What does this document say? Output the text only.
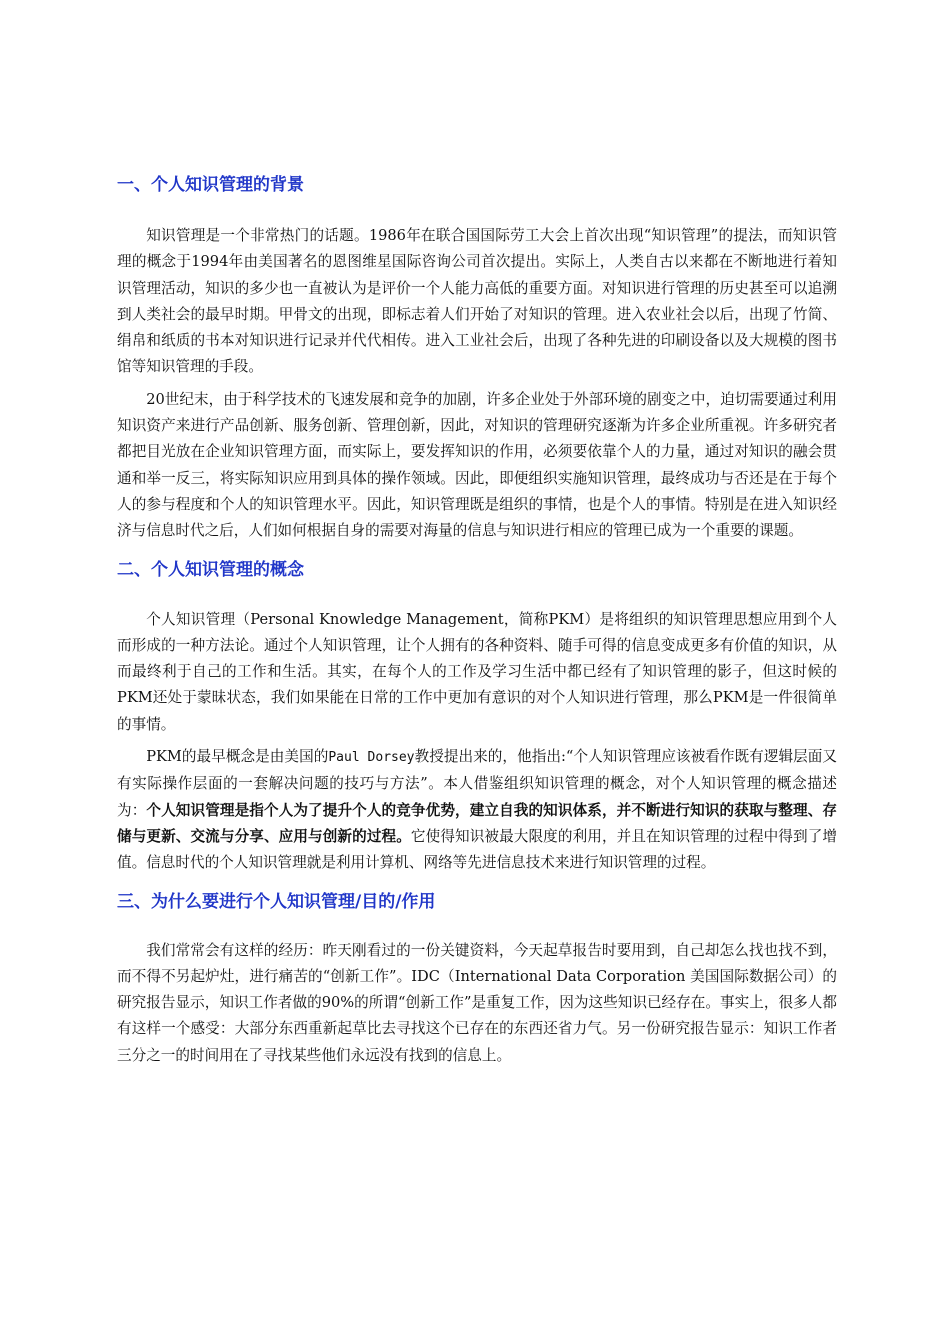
一、个人知识管理的背景

知识管理是一个非常热门的话题。1986年在联合国国际劳工大会上首次出现“知识管理”的提法，而知识管理的概念于1994年由美国著名的恩图维星国际咨询公司首次提出。实际上，人类自古以来都在不断地进行着知识管理活动，知识的多少也一直被认为是评价一个人能力高低的重要方面。对知识进行管理的历史甚至可以追溯到人类社会的最早时期。甲骨文的出现，即标志着人们开始了对知识的管理。进入农业社会以后，出现了竹简、绢帛和纸质的书本对知识进行记录并代代相传。进入工业社会后，出现了各种先进的印刷设备以及大规模的图书馆等知识管理的手段。

20世纪末，由于科学技术的飞速发展和竞争的加剧，许多企业处于外部环境的剧变之中，迫切需要通过利用知识资产来进行产品创新、服务创新、管理创新，因此，对知识的管理研究逐渐为许多企业所重视。许多研究者都把目光放在企业知识管理方面，而实际上，要发挥知识的作用，必须要依靠个人的力量，通过对知识的融会贯通和举一反三，将实际知识应用到具体的操作领域。因此，即便组织实施知识管理，最终成功与否还是在于每个人的参与程度和个人的知识管理水平。因此，知识管理既是组织的事情，也是个人的事情。特别是在进入知识经济与信息时代之后，人们如何根据自身的需要对海量的信息与知识进行相应的管理已成为一个重要的课题。

二、个人知识管理的概念

个人知识管理（Personal Knowledge Management，简称PKM）是将组织的知识管理思想应用到个人而形成的一种方法论。通过个人知识管理，让个人拥有的各种资料、随手可得的信息变成更多有价值的知识，从而最终利于自己的工作和生活。其实，在每个人的工作及学习生活中都已经有了知识管理的影子，但这时候的PKM还处于蒙昧状态，我们如果能在日常的工作中更加有意识的对个人知识进行管理，那么PKM是一件很简单的事情。

PKM的最早概念是由美国的Paul Dorsey教授提出来的，他指出:“个人知识管理应该被看作既有逻辑层面又有实际操作层面的一套解决问题的技巧与方法”。本人借鉴组织知识管理的概念，对个人知识管理的概念描述为：个人知识管理是指个人为了提升个人的竞争优势，建立自我的知识体系，并不断进行知识的获取与整理、存储与更新、交流与分享、应用与创新的过程。它使得知识被最大限度的利用，并且在知识管理的过程中得到了增值。信息时代的个人知识管理就是利用计算机、网络等先进信息技术来进行知识管理的过程。

三、为什么要进行个人知识管理/目的/作用

我们常常会有这样的经历：昨天刚看过的一份关键资料，今天起草报告时要用到，自己却怎么找也找不到，而不得不另起炉灶，进行痛苦的“创新工作”。IDC（International Data Corporation 美国国际数据公司）的研究报告显示，知识工作者做的90%的所谓“创新工作”是重复工作，因为这些知识已经存在。事实上，很多人都有这样一个感受：大部分东西重新起草比去寻找这个已存在的东西还省力气。另一份研究报告显示：知识工作者三分之一的时间用在了寻找某些他们永远没有找到的信息上。
